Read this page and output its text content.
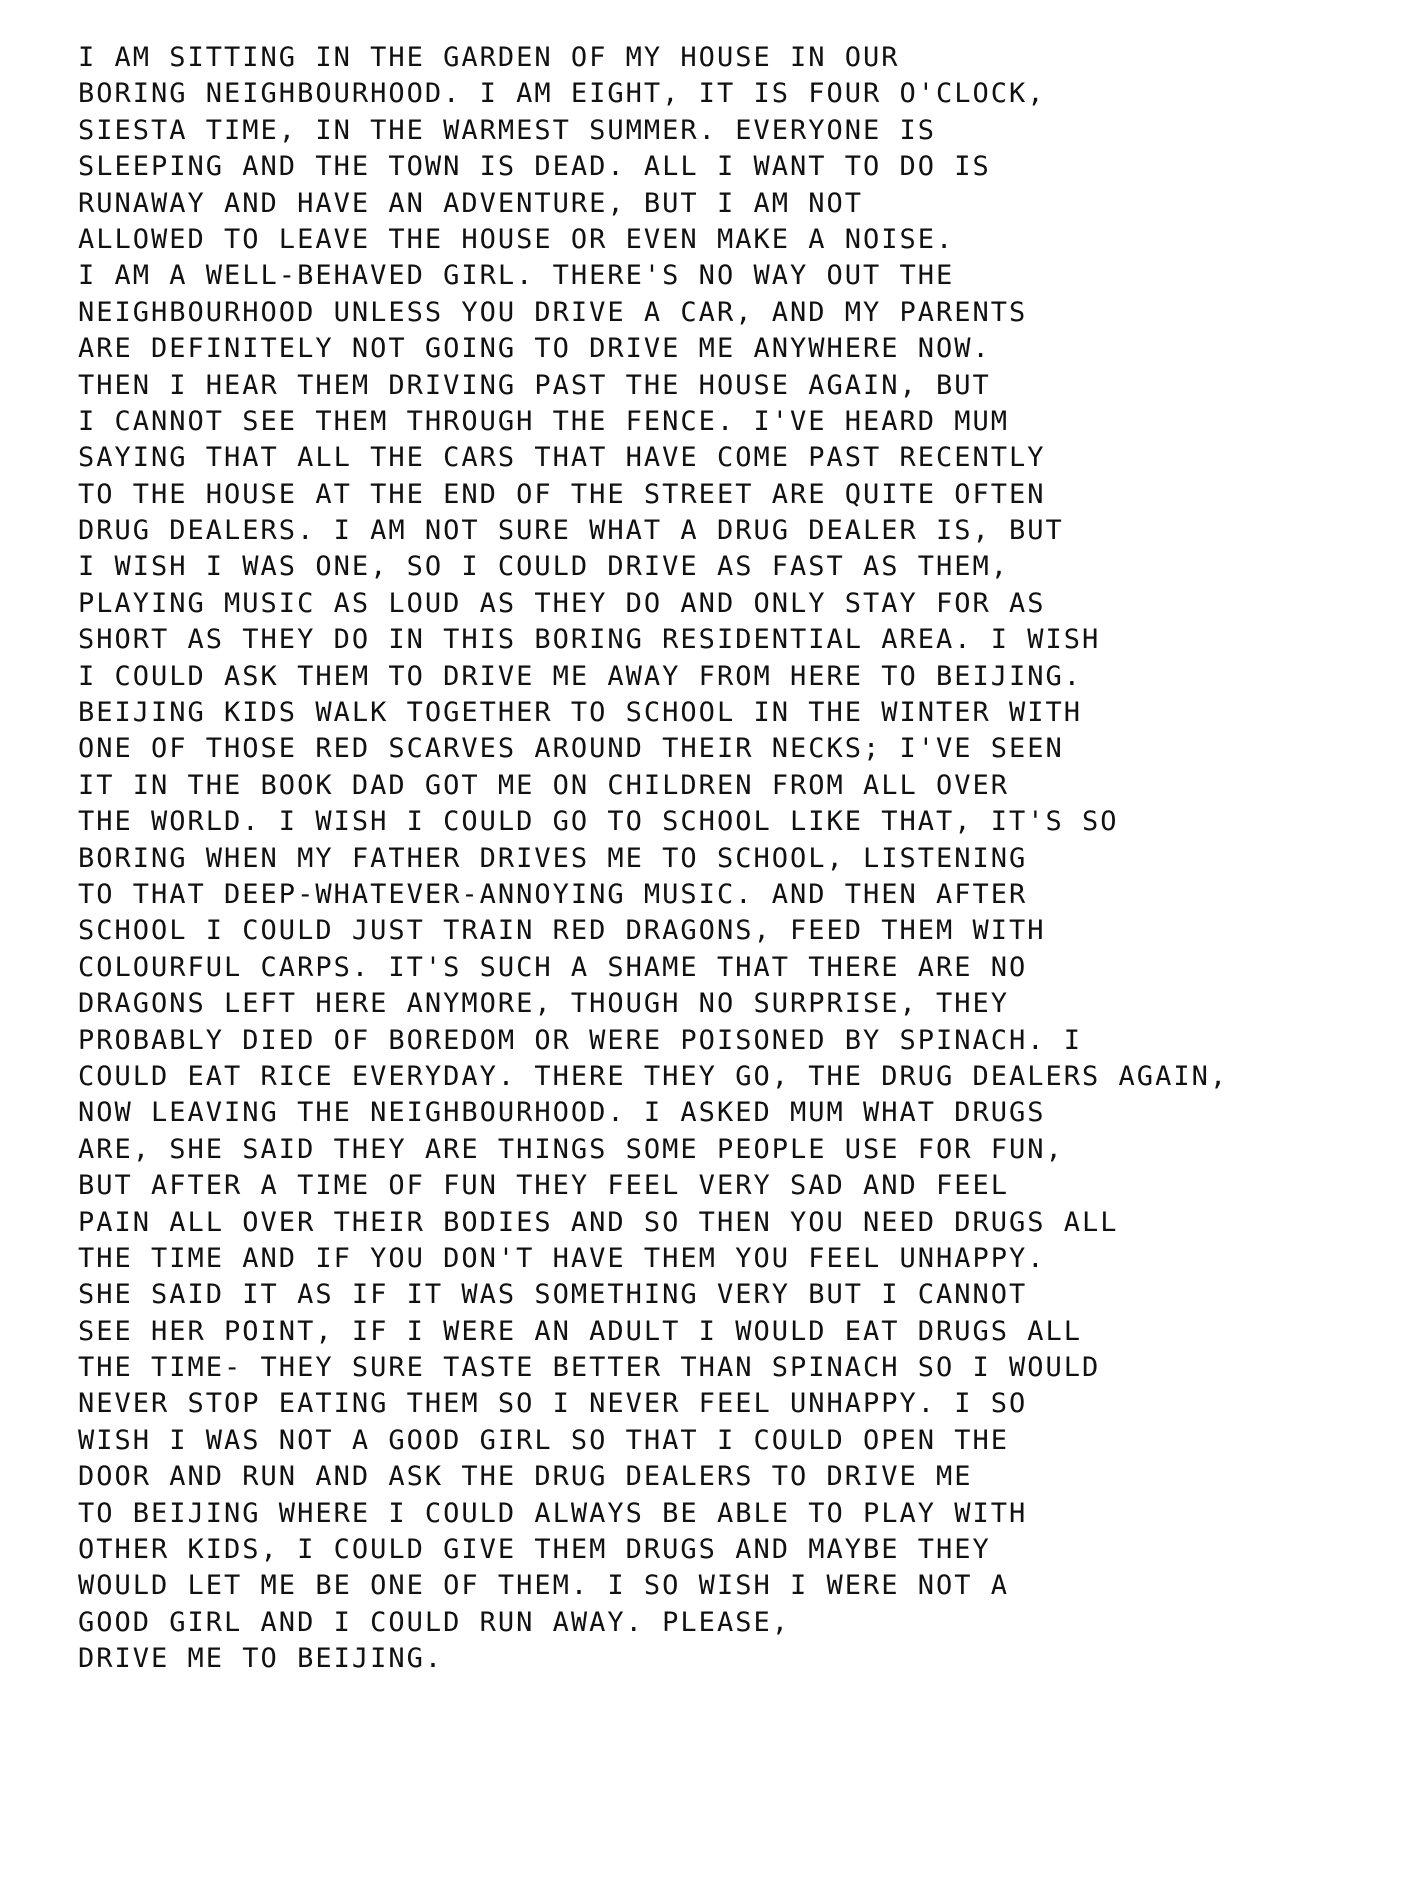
I AM SITTING IN THE GARDEN OF MY HOUSE IN OUR
BORING NEIGHBOURHOOD. I AM EIGHT, IT IS FOUR O'CLOCK,
SIESTA TIME, IN THE WARMEST SUMMER. EVERYONE IS
SLEEPING AND THE TOWN IS DEAD. ALL I WANT TO DO IS
RUNAWAY AND HAVE AN ADVENTURE, BUT I AM NOT
ALLOWED TO LEAVE THE HOUSE OR EVEN MAKE A NOISE.
I AM A WELL-BEHAVED GIRL. THERE'S NO WAY OUT THE
NEIGHBOURHOOD UNLESS YOU DRIVE A CAR, AND MY PARENTS
ARE DEFINITELY NOT GOING TO DRIVE ME ANYWHERE NOW.
THEN I HEAR THEM DRIVING PAST THE HOUSE AGAIN, BUT
I CANNOT SEE THEM THROUGH THE FENCE. I'VE HEARD MUM
SAYING THAT ALL THE CARS THAT HAVE COME PAST RECENTLY
TO THE HOUSE AT THE END OF THE STREET ARE QUITE OFTEN
DRUG DEALERS. I AM NOT SURE WHAT A DRUG DEALER IS, BUT
I WISH I WAS ONE, SO I COULD DRIVE AS FAST AS THEM,
PLAYING MUSIC AS LOUD AS THEY DO AND ONLY STAY FOR AS
SHORT AS THEY DO IN THIS BORING RESIDENTIAL AREA. I WISH
I COULD ASK THEM TO DRIVE ME AWAY FROM HERE TO BEIJING.
BEIJING KIDS WALK TOGETHER TO SCHOOL IN THE WINTER WITH
ONE OF THOSE RED SCARVES AROUND THEIR NECKS; I'VE SEEN
IT IN THE BOOK DAD GOT ME ON CHILDREN FROM ALL OVER
THE WORLD. I WISH I COULD GO TO SCHOOL LIKE THAT, IT'S SO
BORING WHEN MY FATHER DRIVES ME TO SCHOOL, LISTENING
TO THAT DEEP-WHATEVER-ANNOYING MUSIC. AND THEN AFTER
SCHOOL I COULD JUST TRAIN RED DRAGONS, FEED THEM WITH
COLOURFUL CARPS. IT'S SUCH A SHAME THAT THERE ARE NO
DRAGONS LEFT HERE ANYMORE, THOUGH NO SURPRISE, THEY
PROBABLY DIED OF BOREDOM OR WERE POISONED BY SPINACH. I
COULD EAT RICE EVERYDAY. THERE THEY GO, THE DRUG DEALERS AGAIN,
NOW LEAVING THE NEIGHBOURHOOD. I ASKED MUM WHAT DRUGS
ARE, SHE SAID THEY ARE THINGS SOME PEOPLE USE FOR FUN,
BUT AFTER A TIME OF FUN THEY FEEL VERY SAD AND FEEL
PAIN ALL OVER THEIR BODIES AND SO THEN YOU NEED DRUGS ALL
THE TIME AND IF YOU DON'T HAVE THEM YOU FEEL UNHAPPY.
SHE SAID IT AS IF IT WAS SOMETHING VERY BUT I CANNOT
SEE HER POINT, IF I WERE AN ADULT I WOULD EAT DRUGS ALL
THE TIME- THEY SURE TASTE BETTER THAN SPINACH SO I WOULD
NEVER STOP EATING THEM SO I NEVER FEEL UNHAPPY. I SO
WISH I WAS NOT A GOOD GIRL SO THAT I COULD OPEN THE
DOOR AND RUN AND ASK THE DRUG DEALERS TO DRIVE ME
TO BEIJING WHERE I COULD ALWAYS BE ABLE TO PLAY WITH
OTHER KIDS, I COULD GIVE THEM DRUGS AND MAYBE THEY
WOULD LET ME BE ONE OF THEM. I SO WISH I WERE NOT A
GOOD GIRL AND I COULD RUN AWAY. PLEASE,
DRIVE ME TO BEIJING.
